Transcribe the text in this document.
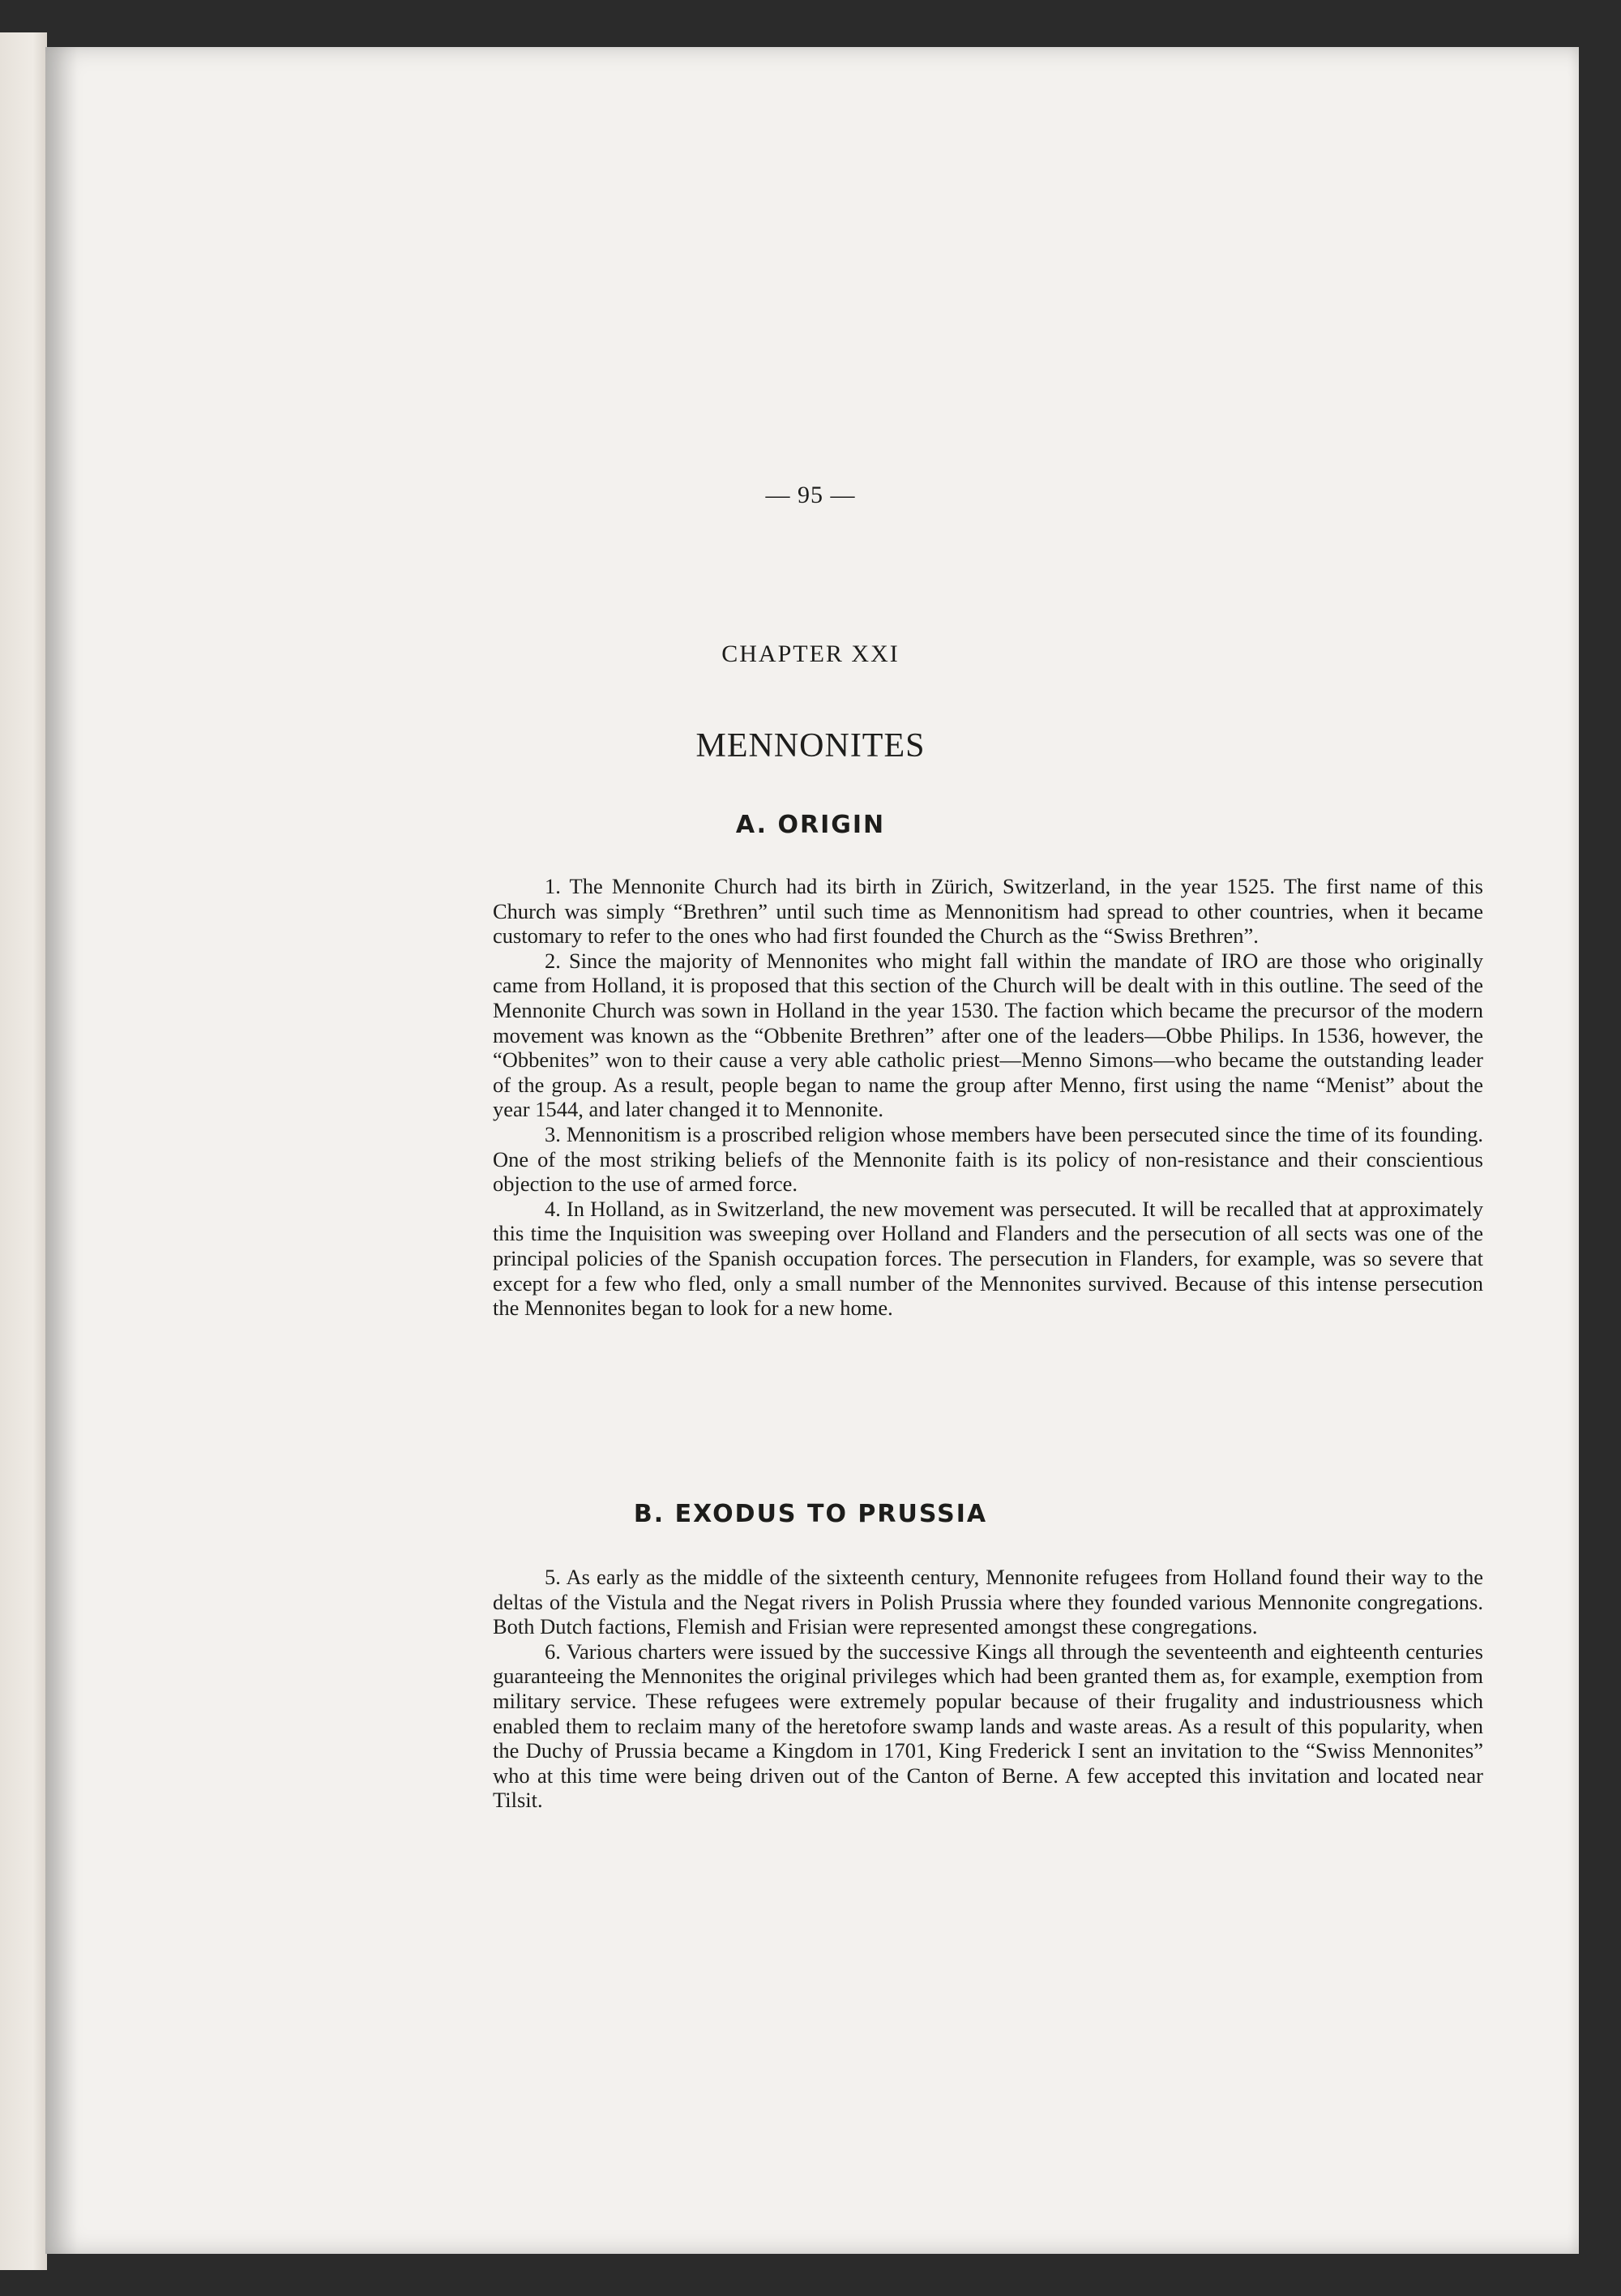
— 95 —
CHAPTER XXI
MENNONITES
A. ORIGIN

1. The Mennonite Church had its birth in Zürich, Switzerland, in the year 1525. The first name of this Church was simply “Brethren” until such time as Mennonitism had spread to other countries, when it became customary to refer to the ones who had first founded the Church as the “Swiss Brethren”.

2. Since the majority of Mennonites who might fall within the mandate of IRO are those who originally came from Holland, it is proposed that this section of the Church will be dealt with in this outline. The seed of the Mennonite Church was sown in Holland in the year 1530. The faction which became the precursor of the modern movement was known as the “Obbenite Brethren” after one of the leaders—Obbe Philips. In 1536, however, the “Obbenites” won to their cause a very able catholic priest—Menno Simons—who became the outstanding leader of the group. As a result, people began to name the group after Menno, first using the name “Menist” about the year 1544, and later changed it to Mennonite.

3. Mennonitism is a proscribed religion whose members have been persecuted since the time of its founding. One of the most striking beliefs of the Mennonite faith is its policy of non-resistance and their conscientious objection to the use of armed force.

4. In Holland, as in Switzerland, the new movement was persecuted. It will be recalled that at approximately this time the Inquisition was sweeping over Holland and Flanders and the persecution of all sects was one of the principal policies of the Spanish occupation forces. The persecution in Flanders, for example, was so severe that except for a few who fled, only a small number of the Mennonites survived. Because of this intense persecution the Mennonites began to look for a new home.

B. EXODUS TO PRUSSIA

5. As early as the middle of the sixteenth century, Mennonite refugees from Holland found their way to the deltas of the Vistula and the Negat rivers in Polish Prussia where they founded various Mennonite congregations. Both Dutch factions, Flemish and Frisian were represented amongst these congregations.

6. Various charters were issued by the successive Kings all through the seventeenth and eighteenth centuries guaranteeing the Mennonites the original privileges which had been granted them as, for example, exemption from military service. These refugees were extremely popular because of their frugality and industriousness which enabled them to reclaim many of the heretofore swamp lands and waste areas. As a result of this popularity, when the Duchy of Prussia became a Kingdom in 1701, King Frederick I sent an invitation to the “Swiss Mennonites” who at this time were being driven out of the Canton of Berne. A few accepted this invitation and located near Tilsit.
